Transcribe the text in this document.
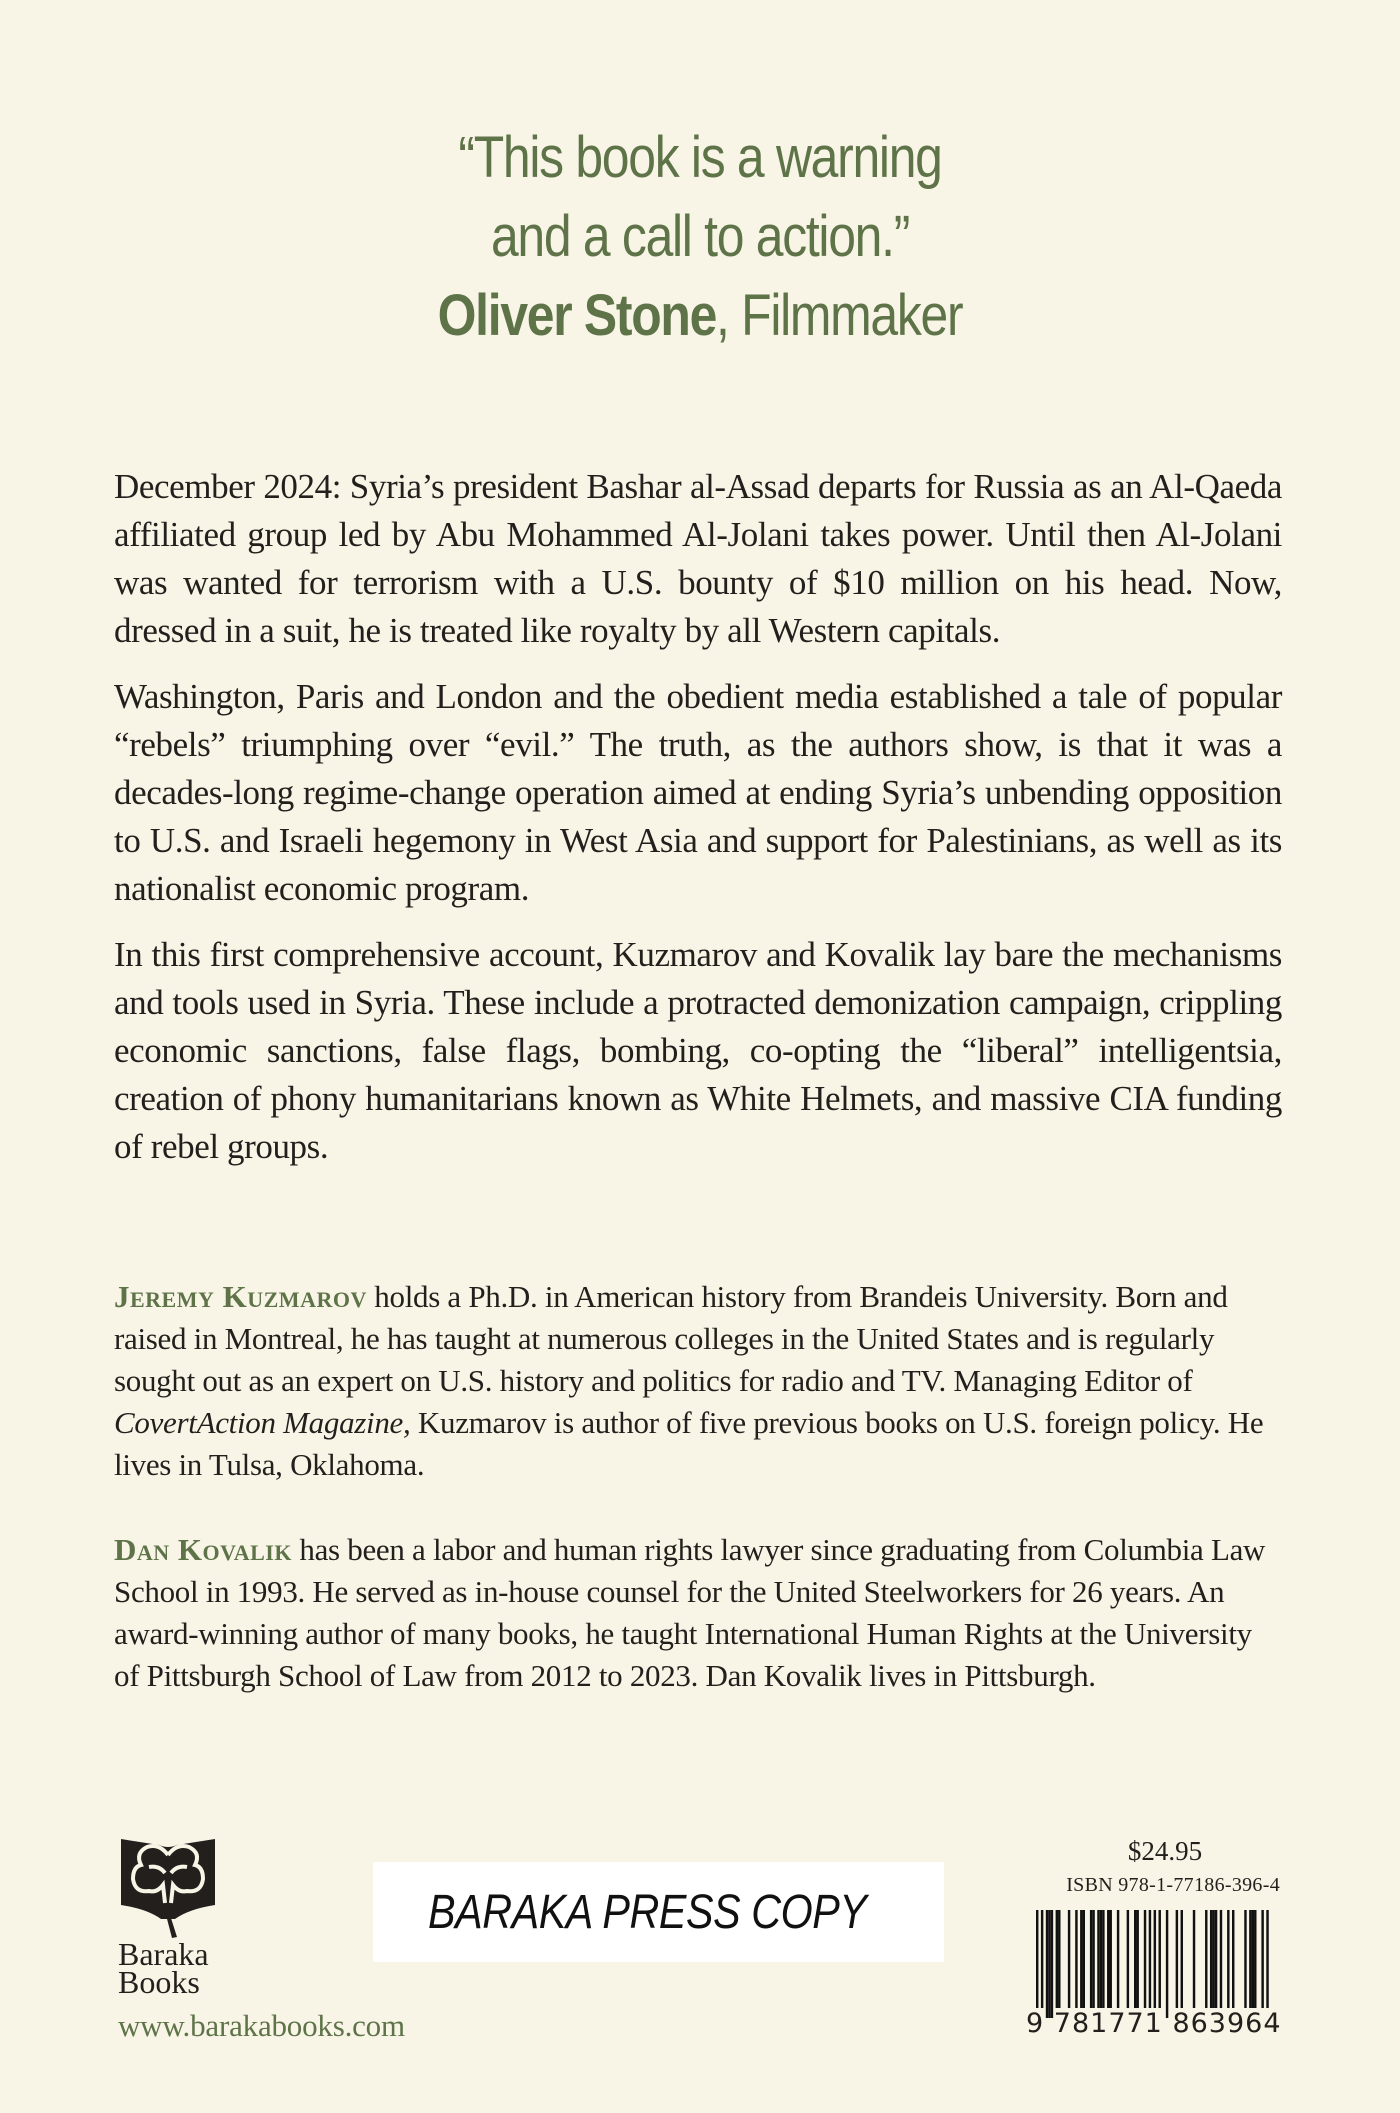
“This book is a warning
and a call to action.”
Oliver Stone, Filmmaker

December 2024: Syria’s president Bashar al-Assad departs for Russia as an Al-Qaeda affiliated group led by Abu Mohammed Al-Jolani takes power. Until then Al-Jolani was wanted for terrorism with a U.S. bounty of $10 million on his head. Now, dressed in a suit, he is treated like royalty by all Western capitals.

Washington, Paris and London and the obedient media established a tale of popular “rebels” triumphing over “evil.” The truth, as the authors show, is that it was a decades-long regime-change operation aimed at ending Syria’s unbending opposition to U.S. and Israeli hegemony in West Asia and support for Palestinians, as well as its nationalist economic program.

In this first comprehensive account, Kuzmarov and Kovalik lay bare the mechanisms and tools used in Syria. These include a protracted demonization campaign, crippling economic sanctions, false flags, bombing, co-opting the “liberal” intelligentsia, creation of phony humanitarians known as White Helmets, and massive CIA funding of rebel groups.

Jeremy Kuzmarov holds a Ph.D. in American history from Brandeis University. Born and raised in Montreal, he has taught at numerous colleges in the United States and is regularly sought out as an expert on U.S. history and politics for radio and TV. Managing Editor of CovertAction Magazine, Kuzmarov is author of five previous books on U.S. foreign policy. He lives in Tulsa, Oklahoma.

Dan Kovalik has been a labor and human rights lawyer since graduating from Columbia Law School in 1993. He served as in-house counsel for the United Steelworkers for 26 years. An award-winning author of many books, he taught International Human Rights at the University of Pittsburgh School of Law from 2012 to 2023. Dan Kovalik lives in Pittsburgh.

Baraka
Books
www.barakabooks.com
BARAKA PRESS COPY
$24.95
ISBN 978-1-77186-396-4
9 781771 863964
